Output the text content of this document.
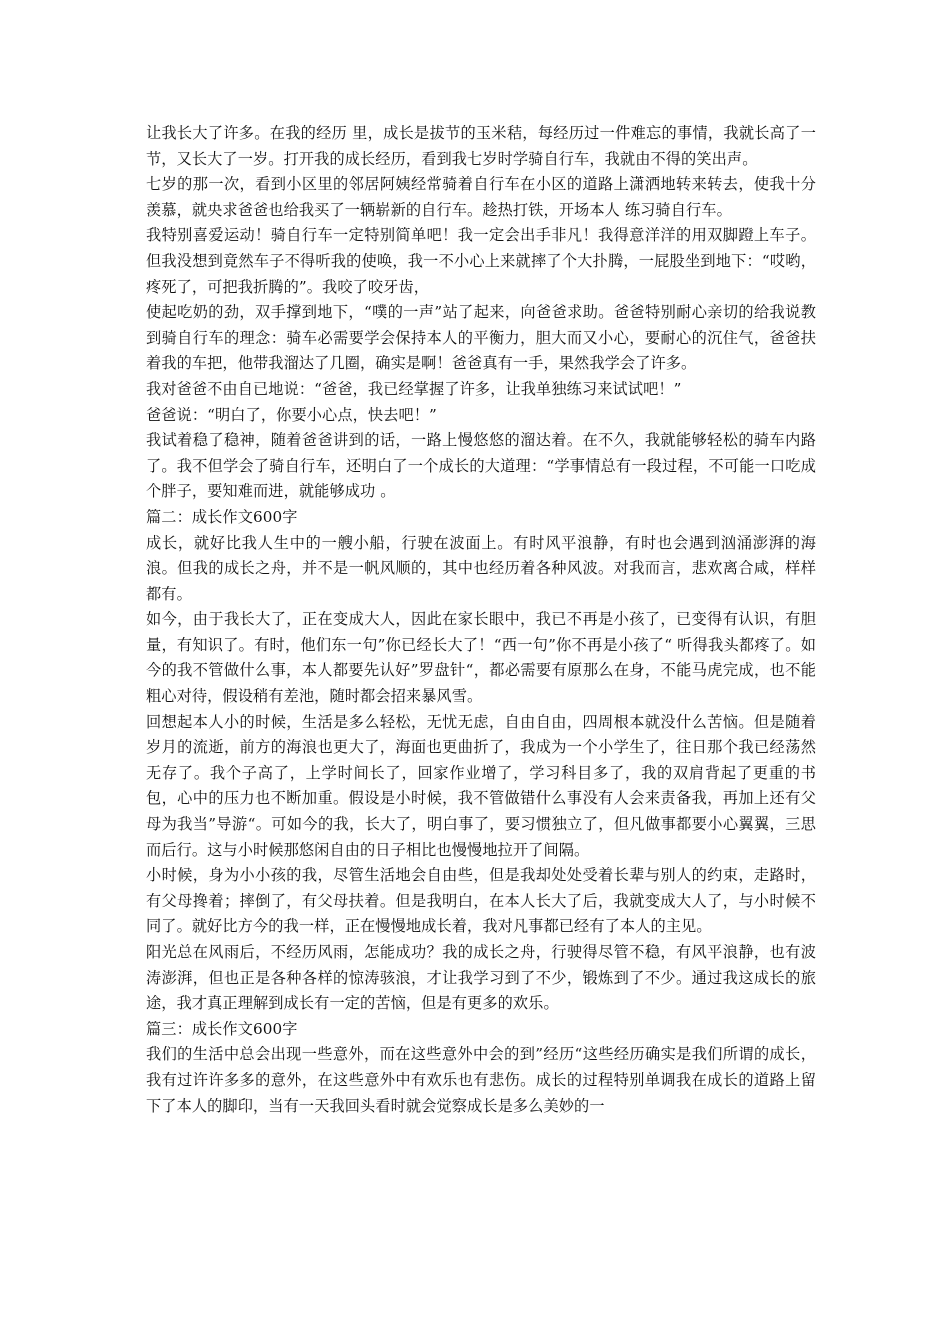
让我长大了许多。在我的经历 里，成长是拔节的玉米秸，每经历过一件难忘的事情，我就长高了一节，又长大了一岁。打开我的成长经历，看到我七岁时学骑自行车，我就由不得的笑出声。

七岁的那一次，看到小区里的邻居阿姨经常骑着自行车在小区的道路上潇洒地转来转去，使我十分羡慕，就央求爸爸也给我买了一辆崭新的自行车。趁热打铁，开场本人 练习骑自行车。

我特别喜爱运动！骑自行车一定特别简单吧！我一定会出手非凡！我得意洋洋的用双脚蹬上车子。但我没想到竟然车子不得听我的使唤，我一不小心上来就摔了个大扑腾，一屁股坐到地下：“哎哟，疼死了，可把我折腾的”。我咬了咬牙齿，

使起吃奶的劲，双手撑到地下，“噗的一声”站了起来，向爸爸求助。爸爸特别耐心亲切的给我说教到骑自行车的理念：骑车必需要学会保持本人的平衡力，胆大而又小心，要耐心的沉住气，爸爸扶着我的车把，他带我溜达了几圈，确实是啊！爸爸真有一手，果然我学会了许多。

我对爸爸不由自已地说：“爸爸，我已经掌握了许多，让我单独练习来试试吧！”

爸爸说：“明白了，你要小心点，快去吧！”

我试着稳了稳神，随着爸爸讲到的话，一路上慢悠悠的溜达着。在不久，我就能够轻松的骑车内路了。我不但学会了骑自行车，还明白了一个成长的大道理：“学事情总有一段过程，不可能一口吃成个胖子，要知难而进，就能够成功 。

篇二：成长作文600字

成长，就好比我人生中的一艘小船，行驶在波面上。有时风平浪静，有时也会遇到汹涌澎湃的海浪。但我的成长之舟，并不是一帆风顺的，其中也经历着各种风波。对我而言，悲欢离合咸，样样都有。

如今，由于我长大了，正在变成大人，因此在家长眼中，我已不再是小孩了，已变得有认识，有胆量，有知识了。有时，他们东一句”你已经长大了！“西一句”你不再是小孩了“ 听得我头都疼了。如今的我不管做什么事，本人都要先认好”罗盘针“，都必需要有原那么在身，不能马虎完成，也不能粗心对待，假设稍有差池，随时都会招来暴风雪。

回想起本人小的时候，生活是多么轻松，无忧无虑，自由自由，四周根本就没什么苦恼。但是随着岁月的流逝，前方的海浪也更大了，海面也更曲折了，我成为一个小学生了，往日那个我已经荡然无存了。我个子高了，上学时间长了，回家作业增了，学习科目多了，我的双肩背起了更重的书包，心中的压力也不断加重。假设是小时候，我不管做错什么事没有人会来责备我，再加上还有父母为我当”导游“。可如今的我，长大了，明白事了，要习惯独立了，但凡做事都要小心翼翼，三思而后行。这与小时候那悠闲自由的日子相比也慢慢地拉开了间隔。

小时候，身为小小孩的我，尽管生活地会自由些，但是我却处处受着长辈与别人的约束，走路时，有父母搀着；摔倒了，有父母扶着。但是我明白，在本人长大了后，我就变成大人了，与小时候不同了。就好比方今的我一样，正在慢慢地成长着，我对凡事都已经有了本人的主见。

阳光总在风雨后，不经历风雨，怎能成功？我的成长之舟，行驶得尽管不稳，有风平浪静，也有波涛澎湃，但也正是各种各样的惊涛骇浪，才让我学习到了不少，锻炼到了不少。通过我这成长的旅途，我才真正理解到成长有一定的苦恼，但是有更多的欢乐。

篇三：成长作文600字

我们的生活中总会出现一些意外，而在这些意外中会的到”经历“这些经历确实是我们所谓的成长，我有过许许多多的意外，在这些意外中有欢乐也有悲伤。成长的过程特别单调我在成长的道路上留下了本人的脚印，当有一天我回头看时就会觉察成长是多么美妙的一
